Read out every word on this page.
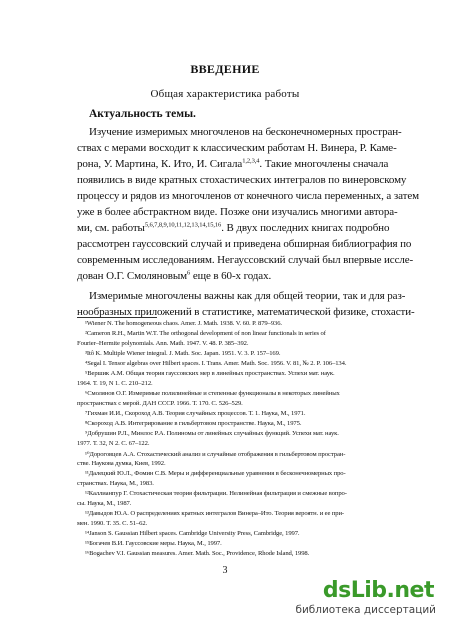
ВВЕДЕНИЕ
Общая характеристика работы
Актуальность темы.
Изучение измеримых многочленов на бесконечномерных простран-
ствах с мерами восходит к классическим работам Н. Винера, Р. Каме-
рона, У. Мартина, К. Ито, И. Сигала$^{1,2,3,4}$. Такие многочлены сначала
появились в виде кратных стохастических интегралов по винеровскому
процессу и рядов из многочленов от конечного числа переменных, а затем
уже в более абстрактном виде. Позже они изучались многими авторa-
ми, см. работы$^{5,6,7,8,9,10,11,12,13,14,15,16}$. В двух последних книгах подробно
рассмотрен гауссовский случай и приведена обширная библиография по
современным исследованиям. Негауссовский случай был впервые иссле-
дован О.Г. Смоляновым$^6$ еще в 60-х годах.
Измеримые многочлены важны как для общей теории, так и для раз-
нообразных приложений в статистике, математической физике, стохасти-
¹Wiener N. The homogeneous chaos. Amer. J. Math. 1938. V. 60. P. 879–936.
²Cameron R.H., Martin W.T. The orthogonal development of non linear functionals in series of
Fourier–Hermite polynomials. Ann. Math. 1947. V. 48. P. 385–392.
³Itô K. Multiple Wiener integral. J. Math. Soc. Japan. 1951. V. 3. P. 157–169.
⁴Segal I. Tensor algebras over Hilbert spaces. I. Trans. Amer. Math. Soc. 1956. V. 81, № 2. P. 106–134.
⁵Вершик А.М. Общая теория гауссовских мер в линейных пространствах. Успехи мат. наук.
1964. Т. 19, N 1. C. 210–212.
⁶Смолянов О.Г. Измеримые полилинейные и степенные функционалы в некоторых линейных
пространствах с мерой. ДАН СССР. 1966. Т. 170. С. 526–529.
⁷Гихман И.И., Скороход А.В. Теория случайных процессов. Т. 1. Наука, М., 1971.
⁸Скороход А.В. Интегрирование в гильбертовом пространстве. Наука, М., 1975.
⁹Добрушин Р.Л., Минлос Р.А. Полиномы от линейных случайных функций. Успехи мат. наук.
1977. Т. 32, N 2. C. 67–122.
¹⁰Дороговцев А.А. Стохастический анализ и случайные отображения в гильбертовом простран-
стве. Наукова думка, Киев, 1992.
¹¹Далецкий Ю.Л., Фомин С.В. Меры и дифференциальные уравнения в бесконечномерных про-
странствах. Наука, М., 1983.
¹²Каллианпур Г. Стохастическая теория фильтрации. Нелинейная фильтрация и смежные вопро-
сы. Наука, М., 1987.
¹³Давыдов Ю.А. О распределениях кратных интегралов Винера–Ито. Теория вероятн. и ее при-
мен. 1990. Т. 35. С. 51–62.
¹⁴Janson S. Gaussian Hilbert spaces. Cambridge University Press, Cambridge, 1997.
¹⁵Богачев В.И. Гауссовские меры. Наука, М., 1997.
¹⁶Bogachev V.I. Gaussian measures. Amer. Math. Soc., Providence, Rhode Island, 1998.
3
dsLib.net
библиотека диссертаций
